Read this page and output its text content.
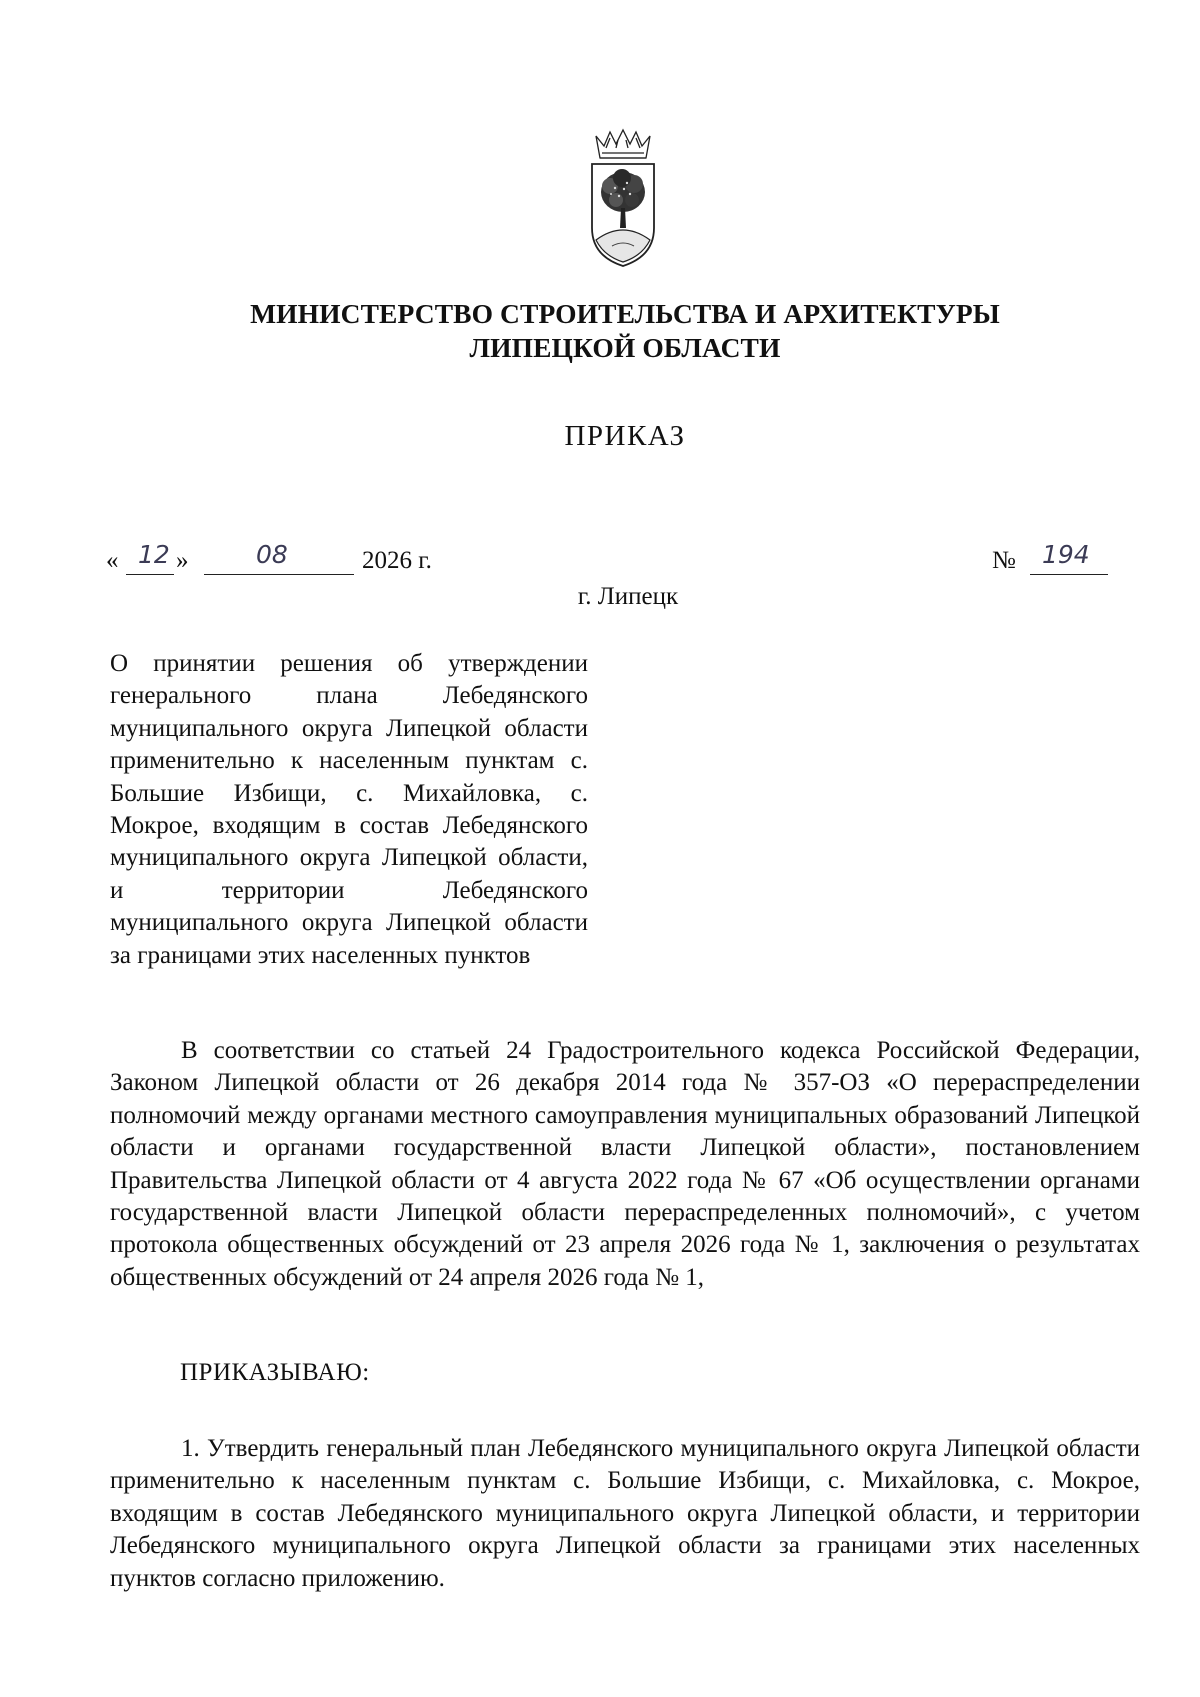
МИНИСТЕРСТВО СТРОИТЕЛЬСТВА И АРХИТЕКТУРЫ
ЛИПЕЦКОЙ ОБЛАСТИ
ПРИКАЗ
« 12 »	08	2026 г.	№ 194
г. Липецк
О принятии решения об утверждении генерального плана Лебедянского муниципального округа Липецкой области применительно к населенным пунктам с. Большие Избищи, с. Михайловка, с. Мокрое, входящим в состав Лебедянского муниципального округа Липецкой области, и территории Лебедянского муниципального округа Липецкой области за границами этих населенных пунктов
В соответствии со статьей 24 Градостроительного кодекса Российской Федерации, Законом Липецкой области от 26 декабря 2014 года № 357-ОЗ «О перераспределении полномочий между органами местного самоуправления муниципальных образований Липецкой области и органами государственной власти Липецкой области», постановлением Правительства Липецкой области от 4 августа 2022 года № 67 «Об осуществлении органами государственной власти Липецкой области перераспределенных полномочий», с учетом протокола общественных обсуждений от 23 апреля 2026 года № 1, заключения о результатах общественных обсуждений от 24 апреля 2026 года № 1,
ПРИКАЗЫВАЮ:
1. Утвердить генеральный план Лебедянского муниципального округа Липецкой области применительно к населенным пунктам с. Большие Избищи, с. Михайловка, с. Мокрое, входящим в состав Лебедянского муниципального округа Липецкой области, и территории Лебедянского муниципального округа Липецкой области за границами этих населенных пунктов согласно приложению.
